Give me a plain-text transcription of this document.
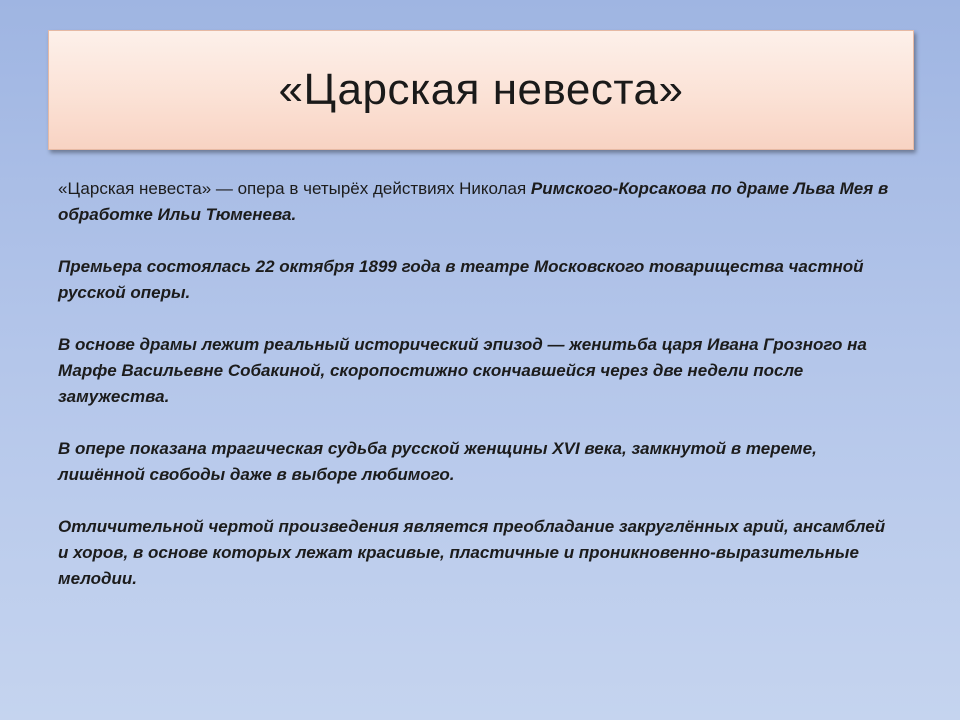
«Царская невеста»

«Царская невеста» — опера в четырёх действиях Николая Римского-Корсакова по драме Льва Мея в обработке Ильи Тюменева.

Премьера состоялась 22 октября 1899 года в театре Московского товарищества частной русской оперы.

В основе драмы лежит реальный исторический эпизод — женитьба царя Ивана Грозного на Марфе Васильевне Собакиной, скоропостижно скончавшейся через две недели после замужества.

В опере показана трагическая судьба русской женщины XVI века, замкнутой в тереме, лишённой свободы даже в выборе любимого.

Отличительной чертой произведения является преобладание закруглённых арий, ансамблей и хоров, в основе которых лежат красивые, пластичные и проникновенно-выразительные мелодии.
